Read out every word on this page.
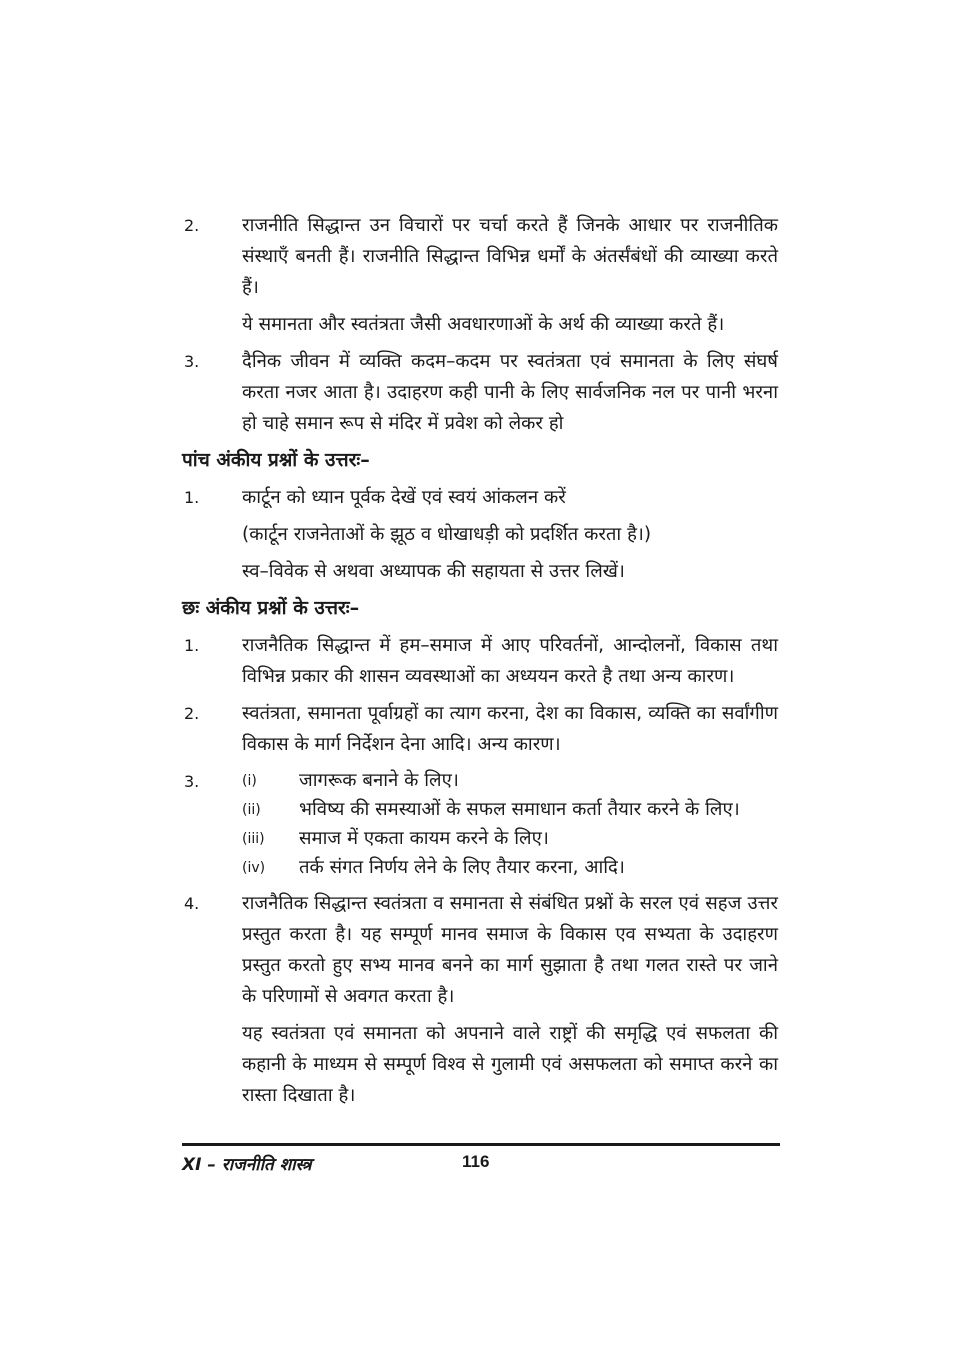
2. राजनीति सिद्धान्त उन विचारों पर चर्चा करते हैं जिनके आधार पर राजनीतिक संस्थाएँ बनती हैं। राजनीति सिद्धान्त विभिन्न धर्मों के अंतर्संबंधों की व्याख्या करते हैं।
ये समानता और स्वतंत्रता जैसी अवधारणाओं के अर्थ की व्याख्या करते हैं।
3. दैनिक जीवन में व्यक्ति कदम–कदम पर स्वतंत्रता एवं समानता के लिए संघर्ष करता नजर आता है। उदाहरण कही पानी के लिए सार्वजनिक नल पर पानी भरना हो चाहे समान रूप से मंदिर में प्रवेश को लेकर हो
पांच अंकीय प्रश्नों के उत्तरः–
1. कार्टून को ध्यान पूर्वक देखें एवं स्वयं आंकलन करें
(कार्टून राजनेताओं के झूठ व धोखाधड़ी को प्रदर्शित करता है।)
स्व–विवेक से अथवा अध्यापक की सहायता से उत्तर लिखें।
छः अंकीय प्रश्नों के उत्तरः–
1. राजनैतिक सिद्धान्त में हम–समाज में आए परिवर्तनों, आन्दोलनों, विकास तथा विभिन्न प्रकार की शासन व्यवस्थाओं का अध्ययन करते है तथा अन्य कारण।
2. स्वतंत्रता, समानता पूर्वाग्रहों का त्याग करना, देश का विकास, व्यक्ति का सर्वांगीण विकास के मार्ग निर्देशन देना आदि। अन्य कारण।
3.	(i) जागरूक बनाने के लिए।
(ii) भविष्य की समस्याओं के सफल समाधान कर्ता तैयार करने के लिए।
(iii) समाज में एकता कायम करने के लिए।
(iv) तर्क संगत निर्णय लेने के लिए तैयार करना, आदि।
4. राजनैतिक सिद्धान्त स्वतंत्रता व समानता से संबंधित प्रश्नों के सरल एवं सहज उत्तर प्रस्तुत करता है। यह सम्पूर्ण मानव समाज के विकास एव सभ्यता के उदाहरण प्रस्तुत करतो हुए सभ्य मानव बनने का मार्ग सुझाता है तथा गलत रास्ते पर जाने के परिणामों से अवगत करता है।
यह स्वतंत्रता एवं समानता को अपनाने वाले राष्ट्रों की समृद्धि एवं सफलता की कहानी के माध्यम से सम्पूर्ण विश्व से गुलामी एवं असफलता को समाप्त करने का रास्ता दिखाता है।
XI – राजनीति शास्त्र	116
